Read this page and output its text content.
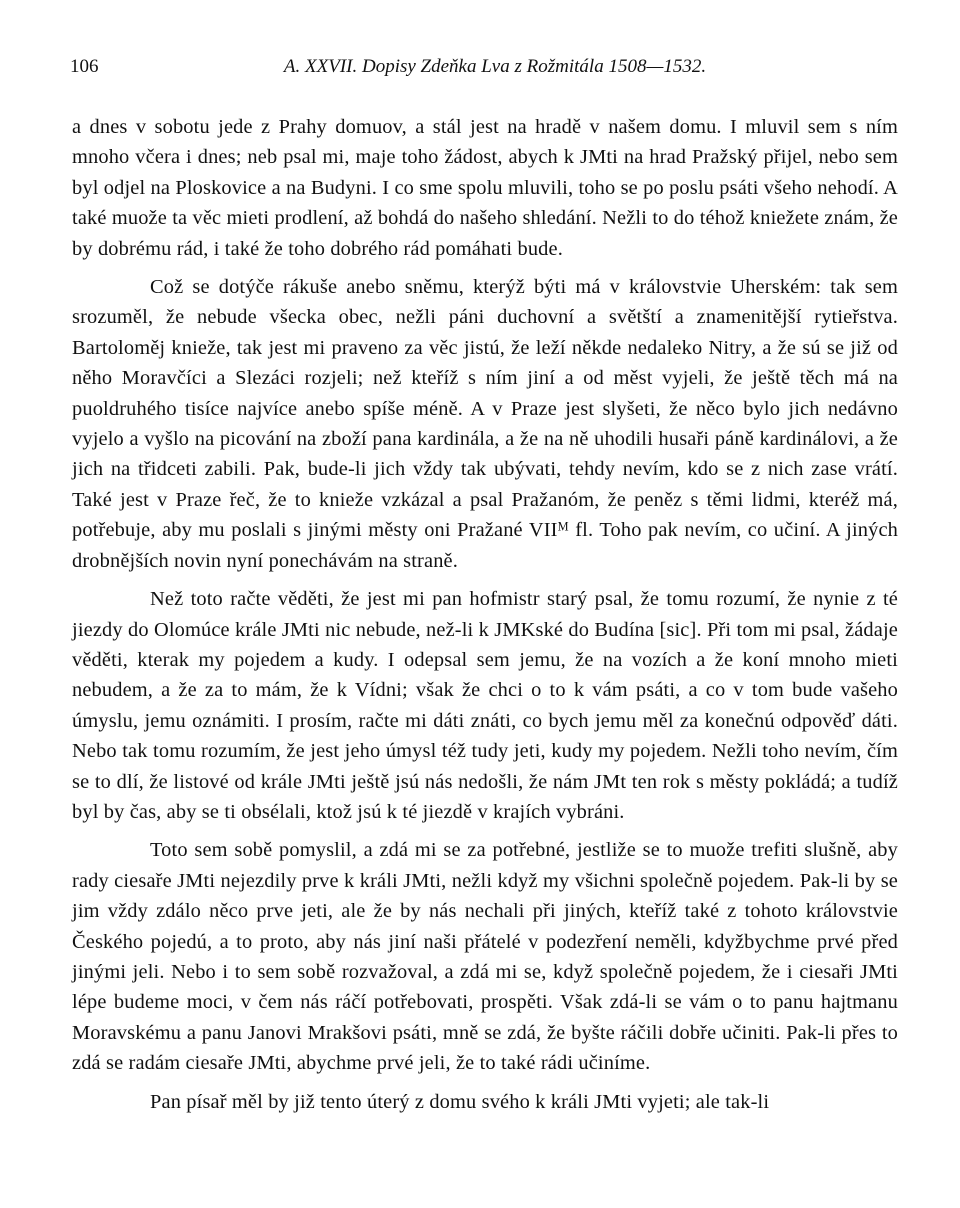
106	A. XXVII. Dopisy Zdeňka Lva z Rožmitála 1508—1532.

a dnes v sobotu jede z Prahy domuov, a stál jest na hradě v našem domu. I mluvil sem s ním mnoho včera i dnes; neb psal mi, maje toho žádost, abych k JMti na hrad Pražský přijel, nebo sem byl odjel na Ploskovice a na Budyni. I co sme spolu mluvili, toho se po poslu psáti všeho nehodí. A také muože ta věc mieti prodlení, až bohdá do našeho shledání. Nežli to do téhož kniežete znám, že by dobrému rád, i také že toho dobrého rád pomáhati bude.

Což se dotýče rákuše anebo sněmu, kterýž býti má v královstvie Uherském: tak sem srozuměl, že nebude všecka obec, nežli páni duchovní a světští a znamenitější rytieřstva. Bartoloměj knieže, tak jest mi praveno za věc jistú, že leží někde nedaleko Nitry, a že sú se již od něho Moravčíci a Slezáci rozjeli; než kteříž s ním jiní a od měst vyjeli, že ještě těch má na puoldruhého tisíce najvíce anebo spíše méně. A v Praze jest slyšeti, že něco bylo jich nedávno vyjelo a vyšlo na picování na zboží pana kardinála, a že na ně uhodili husaři páně kardinálovi, a že jich na třidceti zabili. Pak, bude-li jich vždy tak ubývati, tehdy nevím, kdo se z nich zase vrátí. Také jest v Praze řeč, že to knieže vzkázal a psal Pražanóm, že peněz s těmi lidmi, kteréž má, potřebuje, aby mu poslali s jinými městy oni Pražané VIIᴹ fl. Toho pak nevím, co učiní. A jiných drobnějších novin nyní ponechávám na straně.

Než toto račte věděti, že jest mi pan hofmistr starý psal, že tomu rozumí, že nynie z té jiezdy do Olomúce krále JMti nic nebude, než-li k JMKské do Budína [sic]. Při tom mi psal, žádaje věděti, kterak my pojedem a kudy. I odepsal sem jemu, že na vozích a že koní mnoho mieti nebudem, a že za to mám, že k Vídni; však že chci o to k vám psáti, a co v tom bude vašeho úmyslu, jemu oznámiti. I prosím, račte mi dáti znáti, co bych jemu měl za konečnú odpověď dáti. Nebo tak tomu rozumím, že jest jeho úmysl též tudy jeti, kudy my pojedem. Nežli toho nevím, čím se to dlí, že listové od krále JMti ještě jsú nás nedošli, že nám JMt ten rok s městy pokládá; a tudíž byl by čas, aby se ti obsélali, ktož jsú k té jiezdě v krajích vybráni.

Toto sem sobě pomyslil, a zdá mi se za potřebné, jestliže se to muože trefiti slušně, aby rady ciesaře JMti nejezdily prve k králi JMti, nežli když my všichni společně pojedem. Pak-li by se jim vždy zdálo něco prve jeti, ale že by nás nechali při jiných, kteříž také z tohoto královstvie Českého pojedú, a to proto, aby nás jiní naši přátelé v podezření neměli, kdyžbychme prvé před jinými jeli. Nebo i to sem sobě rozvažoval, a zdá mi se, když společně pojedem, že i ciesaři JMti lépe budeme moci, v čem nás ráčí potřebovati, prospěti. Však zdá-li se vám o to panu hajtmanu Moravskému a panu Janovi Mrakšovi psáti, mně se zdá, že byšte ráčili dobře učiniti. Pak-li přes to zdá se radám ciesaře JMti, abychme prvé jeli, že to také rádi učiníme.

Pan písař měl by již tento úterý z domu svého k králi JMti vyjeti; ale tak-li
